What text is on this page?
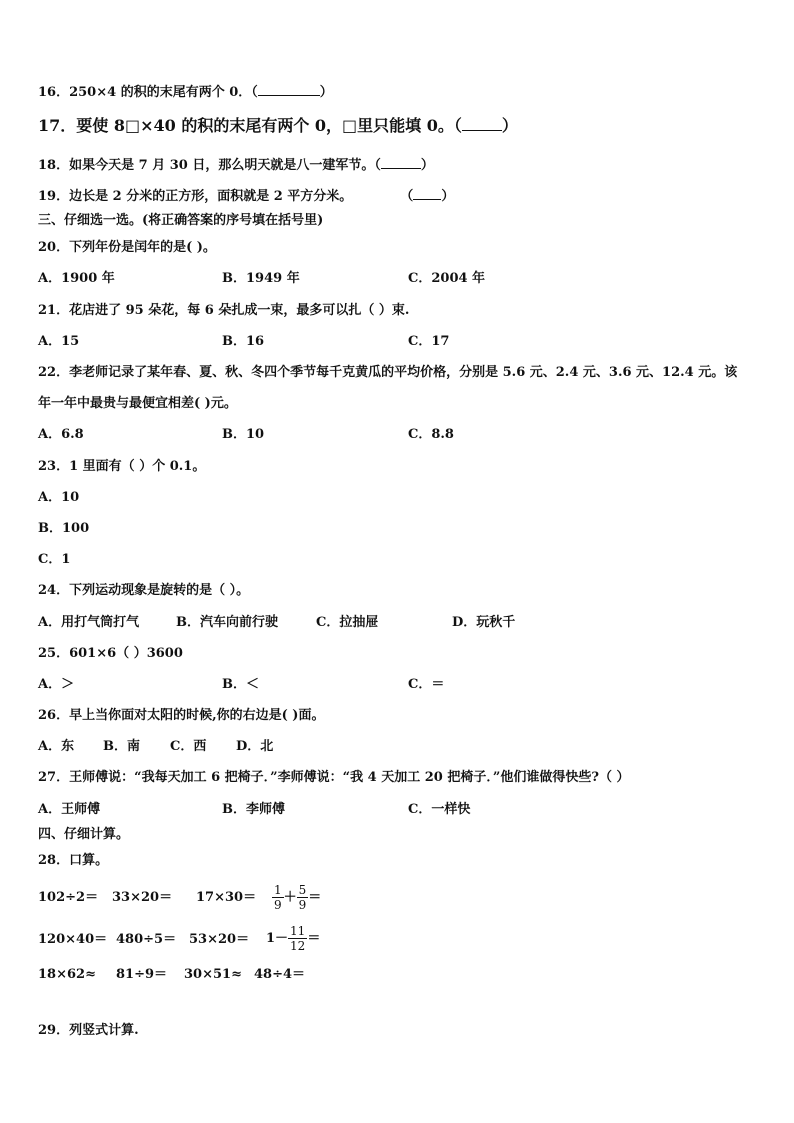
16．250×4 的积的末尾有两个 0．（	）
17．要使 8□×40 的积的末尾有两个 0，□里只能填 0。（	）
18．如果今天是 7 月 30 日，那么明天就是八一建军节。（	）
19．边长是 2 分米的正方形，面积就是 2 平方分米。	（ ）
三、仔细选一选。(将正确答案的序号填在括号里)
20．下列年份是闰年的是( )。
A．1900 年	B．1949 年	C．2004 年
21．花店进了 95 朵花，每 6 朵扎成一束，最多可以扎（ ）束.
A．15	B．16	C．17
22．李老师记录了某年春、夏、秋、冬四个季节每千克黄瓜的平均价格，分别是 5.6 元、2.4 元、3.6 元、12.4 元。该
年一年中最贵与最便宜相差( )元。
A．6.8	B．10	C．8.8
23．1 里面有（ ）个 0.1。
A．10
B．100
C．1
24．下列运动现象是旋转的是（ ）。
A．用打气筒打气	B．汽车向前行驶	C．拉抽屉	D．玩秋千
25．601×6（ ）3600
A．＞	B．＜	C．＝
26．早上当你面对太阳的时候,你的右边是( )面。
A．东 B．南 C．西 D．北
27．王师傅说：“我每天加工 6 把椅子．”李师傅说：“我 4 天加工 20 把椅子．”他们谁做得快些?（ ）
A．王师傅	B．李师傅	C．一样快
四、仔细计算。
28．口算。
$102\div 2= 33\times 20= 17\times 30= \frac{1}{9} + \frac{5}{9}$ ＝
$120\times 40= 480\div 5= 53\times 20= 1- \frac{11}{12}$ ＝
18×62≈ 81÷9＝ 30×51≈ 48÷4＝
29．列竖式计算.
